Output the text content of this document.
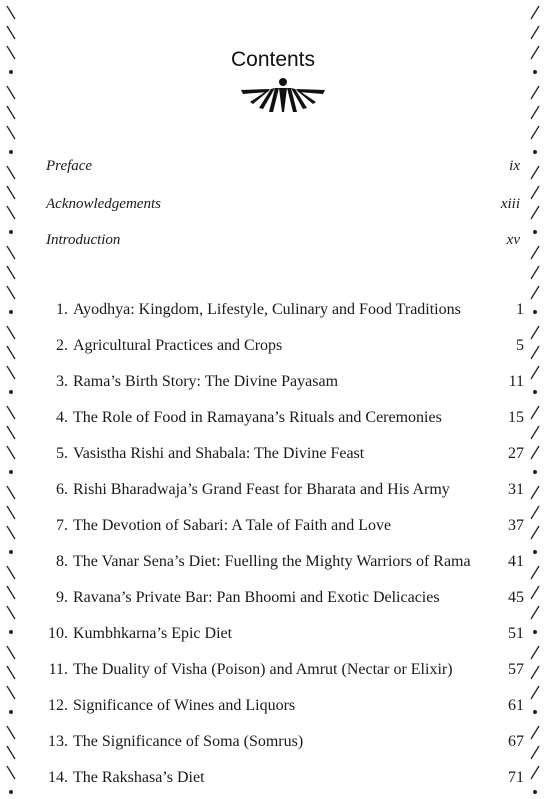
Contents
Preface	ix
Acknowledgements	xiii
Introduction	xv
1. Ayodhya: Kingdom, Lifestyle, Culinary and Food Traditions	1
2. Agricultural Practices and Crops	5
3. Rama’s Birth Story: The Divine Payasam	11
4. The Role of Food in Ramayana’s Rituals and Ceremonies	15
5. Vasistha Rishi and Shabala: The Divine Feast	27
6. Rishi Bharadwaja’s Grand Feast for Bharata and His Army	31
7. The Devotion of Sabari: A Tale of Faith and Love	37
8. The Vanar Sena’s Diet: Fuelling the Mighty Warriors of Rama 41
9. Ravana’s Private Bar: Pan Bhoomi and Exotic Delicacies	45
10. Kumbhkarna’s Epic Diet	51
11. The Duality of Visha (Poison) and Amrut (Nectar or Elixir)	57
12. Significance of Wines and Liquors	61
13. The Significance of Soma (Somrus)	67
14. The Rakshasa’s Diet	71
